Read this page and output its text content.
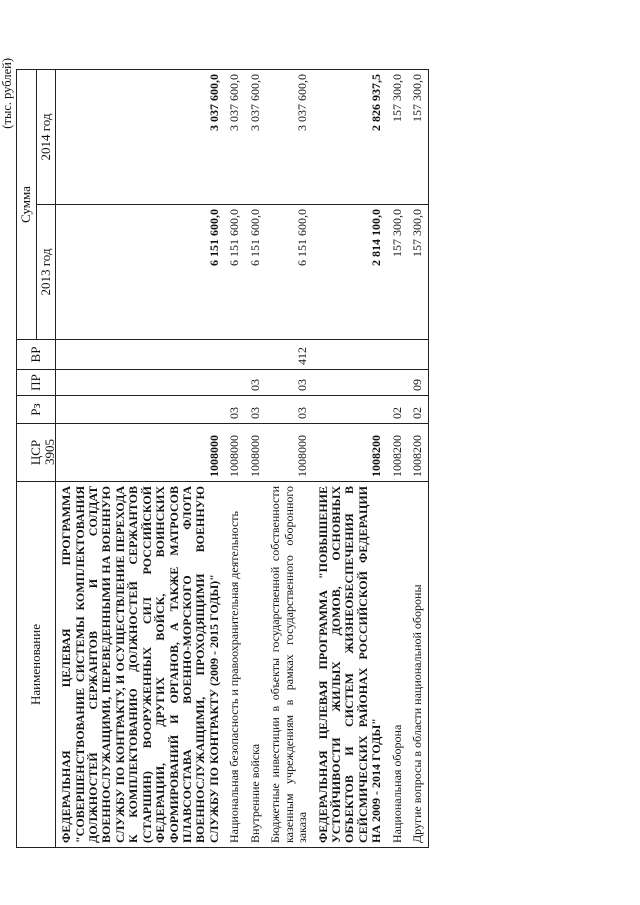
3905
(тыс. рублей)
Наименование	ЦСР	Рз	ПР	ВР	Сумма	
					2013 год	2014 год
ФЕДЕРАЛЬНАЯ ЦЕЛЕВАЯ ПРОГРАММА "СОВЕРШЕНСТВОВАНИЕ СИСТЕМЫ КОМПЛЕКТОВАНИЯ ДОЛЖНОСТЕЙ СЕРЖАНТОВ И СОЛДАТ ВОЕННОСЛУЖАЩИМИ, ПЕРЕВЕДЕННЫМИ НА ВОЕННУЮ СЛУЖБУ ПО КОНТРАКТУ, И ОСУЩЕСТВЛЕНИЕ ПЕРЕХОДА К КОМПЛЕКТОВАНИЮ ДОЛЖНОСТЕЙ СЕРЖАНТОВ (СТАРШИН) ВООРУЖЕННЫХ СИЛ РОССИЙСКОЙ ФЕДЕРАЦИИ, ДРУГИХ ВОЙСК, ВОИНСКИХ ФОРМИРОВАНИЙ И ОРГАНОВ, А ТАКЖЕ МАТРОСОВ ПЛАВСОСТАВА ВОЕННО-МОРСКОГО ФЛОТА ВОЕННОСЛУЖАЩИМИ, ПРОХОДЯЩИМИ ВОЕННУЮ СЛУЖБУ ПО КОНТРАКТУ (2009 - 2015 ГОДЫ)"	1008000				6 151 600,0	3 037 600,0
Национальная безопасность и правоохранительная деятельность	1008000	03			6 151 600,0	3 037 600,0
Внутренние войска	1008000	03	03		6 151 600,0	3 037 600,0
Бюджетные инвестиции в объекты государственной собственности казенным учреждениям в рамках государственного оборонного заказа	1008000	03	03	412	6 151 600,0	3 037 600,0
ФЕДЕРАЛЬНАЯ ЦЕЛЕВАЯ ПРОГРАММА "ПОВЫШЕНИЕ УСТОЙЧИВОСТИ ЖИЛЫХ ДОМОВ, ОСНОВНЫХ ОБЪЕКТОВ И СИСТЕМ ЖИЗНЕОБЕСПЕЧЕНИЯ В СЕЙСМИЧЕСКИХ РАЙОНАХ РОССИЙСКОЙ ФЕДЕРАЦИИ НА 2009 - 2014 ГОДЫ"	1008200				2 814 100,0	2 826 937,5
Национальная оборона	1008200	02			157 300,0	157 300,0
Другие вопросы в области национальной обороны	1008200	02	09		157 300,0	157 300,0
